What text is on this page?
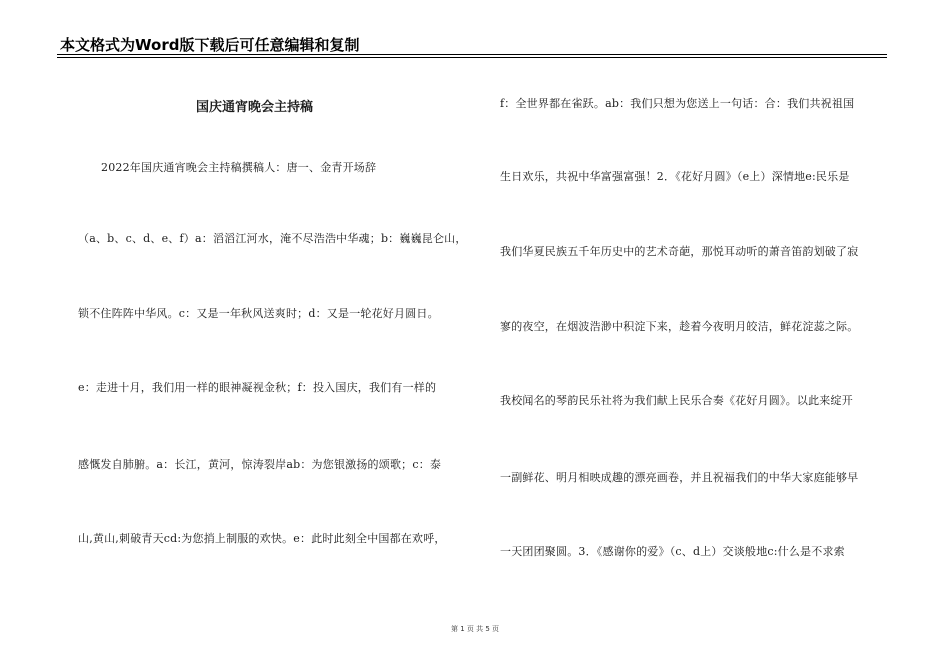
本文格式为Word版下载后可任意编辑和复制
国庆通宵晚会主持稿
2022年国庆通宵晚会主持稿撰稿人：唐一、金青开场辞
（a、b、c、d、e、f）a：滔滔江河水，淹不尽浩浩中华魂；b：巍巍昆仑山，
锁不住阵阵中华风。c：又是一年秋风送爽时；d：又是一轮花好月圆日。
e：走进十月，我们用一样的眼神凝视金秋；f：投入国庆，我们有一样的
感慨发自肺腑。a：长江，黄河，惊涛裂岸ab：为您银激扬的颂歌；c：泰
山,黄山,刺破青天cd:为您捎上制服的欢快。e：此时此刻全中国都在欢呼，
f：全世界都在雀跃。ab：我们只想为您送上一句话：合：我们共祝祖国
生日欢乐，共祝中华富强富强！2．《花好月圆》（e上）深情地e:民乐是
我们华夏民族五千年历史中的艺术奇葩，那悦耳动听的萧音笛韵划破了寂
寥的夜空，在烟波浩渺中积淀下来，趁着今夜明月皎洁，鲜花淀蕊之际。
我校闻名的琴韵民乐社将为我们献上民乐合奏《花好月圆》。以此来绽开
一副鲜花、明月相映成趣的漂亮画卷，并且祝福我们的中华大家庭能够早
一天团团聚圆。3．《感谢你的爱》（c、d上）交谈般地c:什么是不求索
第 1 页 共 5 页
